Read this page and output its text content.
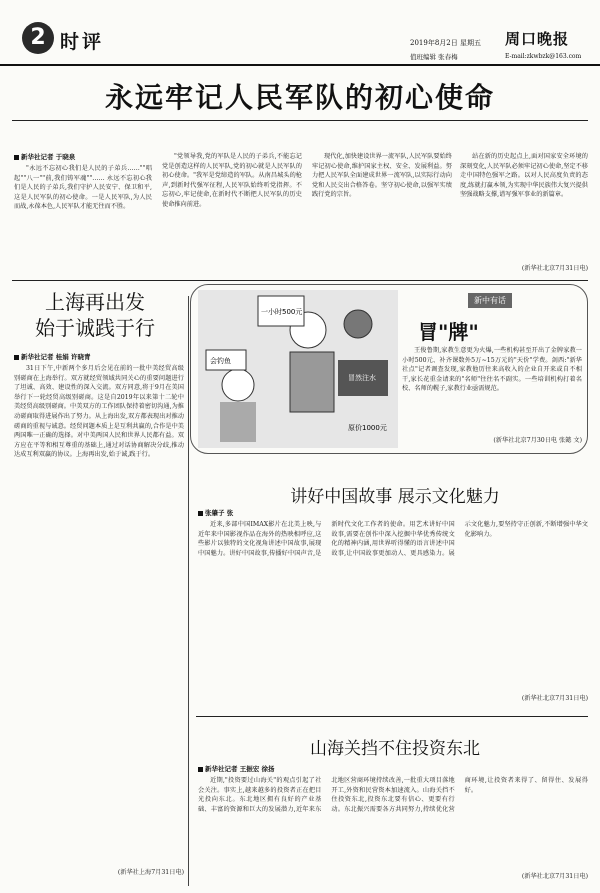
2 时评	2019年8月2日 星期五 周口晚报
值班编辑 张春梅	E-mail:zkwbzk@163.com
永远牢记人民军队的初心使命
新华社记者 于晓泉
"永远不忘初心我们是人民的子弟兵……""唱起""八一""前,我们铸军魂""…… 永远不忘初心我们是人民的子弟兵,我们守护人民安宁、保卫和平,这是人民军队的初心使命。一是人民军队,为人民而战,永葆本色,人民军队才能无往而不胜。
"党领导我,党的军队是人民的子弟兵,不能忘记党是创造这样的人民军队,党的初心就是人民军队的初心使命。"我军是党缔造的军队。从南昌城头的枪声,到新时代强军征程,人民军队始终听党指挥。不忘初心,牢记使命,在新时代不断把人民军队的历史使命推向前进。
现代化,加快建设世界一流军队,人民军队要始终牢记初心使命,维护国家主权、安全、发展利益。努力把人民军队全面建成世界一流军队,以实际行动向党和人民交出合格答卷。坚守初心使命,以强军实绩践行党的宗旨。
站在新的历史起点上,面对国家安全环境的深刻变化,人民军队必须牢记初心使命,坚定不移走中国特色强军之路。以对人民高度负责的态度,练就打赢本领,为实现中华民族伟大复兴提供坚强战略支撑,谱写强军事业的新篇章。
(新华社北京7月31日电)
上海再出发
始于诚践于行
新华社记者 桂娟 许晓青
31日下午,中新两个多月后会见在前的一批中美经贸高级别磋商在上海举行。双方就经贸领域共同关心的重要问题进行了坦诚、高效、建设性的深入交流。双方同意,将于9月在美国举行下一轮经贸高级别磋商。这是自2019年以来第十二轮中美经贸高级别磋商。中美双方的工作团队保持着密切沟通,为推动磋商取得进展作出了努力。从上海出发,双方都表现出对推动磋商的重视与诚意。经贸问题本质上是互利共赢的,合作是中美两国唯一正确的选择。对中美两国人民和世界人民都有益。双方应在平等和相互尊重的基础上,通过对话协商解决分歧,推动达成互利双赢的协议。上海再出发,始于诚,践于行。
(新华社上海7月31日电)
会钓鱼
一小时500元
冒然注水
原价1000元
新中有话
冒"牌"
王俊鲁期,家教生意更为火爆,一些机构甚至开出了金牌家教一小时500元、补齐课数外5万~15万元的"天价"学费。剑西:"新华社点"记者调查发现,家教他历往来高收入的企业自开来或自不相干,家长花重金请来的"名师"往往名不副实。一些培训机构打着名校、名师的幌子,家教行业亟需规范。
(新华社北京7月30日电 张懿 文)
讲好中国故事 展示文化魅力
张肇子 张
近来,多部中国IMAX影片在北美上映,与近年来中国影视作品在海外的热映相呼应,这些影片以独特的文化视角讲述中国故事,展现中国魅力。讲好中国故事,传播好中国声音,是新时代文化工作者的使命。用艺术讲好中国故事,需要在创作中深入挖掘中华优秀传统文化的精神内涵,用世界听得懂的语言讲述中国故事,让中国故事更加动人、更具感染力。展示文化魅力,要坚持守正创新,不断增强中华文化影响力。
(新华社北京7月31日电)
山海关挡不住投资东北
新华社记者 王振宏 徐扬
近期,"投资要过山海关"的观点引起了社会关注。事实上,越来越多的投资者正在把目光投向东北。东北地区拥有良好的产业基础、丰富的资源和巨大的发展潜力,近年来东北地区营商环境持续改善,一批重大项目落地开工,外资和民营资本加速流入。山海关挡不住投资东北,投资东北要有信心、更要有行动。东北振兴需要各方共同努力,持续优化营商环境,让投资者来得了、留得住、发展得好。
(新华社北京7月31日电)
